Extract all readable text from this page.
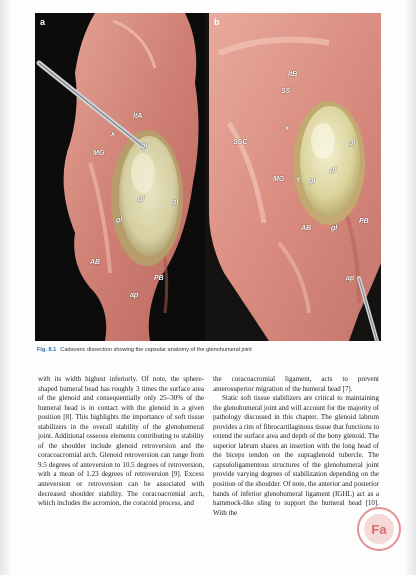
a
ltA
x
MG
gl
gl
gl
gl
AB
PB
ap
b
ltB
SS
x
SSC
MG Y
gl
gl
gl
gl
AB
PB
ap
Fig. 8.1 Cadaveric dissection showing the capsular anatomy of the glenohumeral joint

with its width highest inferiorly. Of note, the sphere- shaped humeral head has roughly 3 times the surface area of the glenoid and consequentially only 25–30% of the humeral head is in contact with the glenoid in a given position [8]. This highlights the importance of soft tissue stabilizers in the overall stability of the glenohumeral joint. Additional osseous elements contributing to stability of the shoulder include glenoid retroversion and the coracoacromial arch. Glenoid retroversion can range from 9.5 degrees of anteversion to 10.5 degrees of retroversion, with a mean of 1.23 degrees of retroversion [9]. Excess anteversion or retroversion can be associated with decreased shoulder stability. The coracoacromial arch, which includes the acromion, the coracoid process, and

the coracoacromial ligament, acts to prevent anterosuperior migration of the humeral head [7].

Static soft tissue stabilizers are critical to maintaining the glenohumeral joint and will account for the majority of pathology discussed in this chapter. The glenoid labrum provides a rim of fibrocartilaginous tissue that functions to extend the surface area and depth of the bony glenoid. The superior labrum shares an insertion with the long head of the biceps tendon on the supraglenoid tubercle. The capsuloligamentous structures of the glenohumeral joint provide varying degrees of stabilization depending on the position of the shoulder. Of note, the anterior and posterior bands of inferior glenohumeral ligament (IGHL) act as a hammock-like sling to support the humeral head [10]. With the

Fa
